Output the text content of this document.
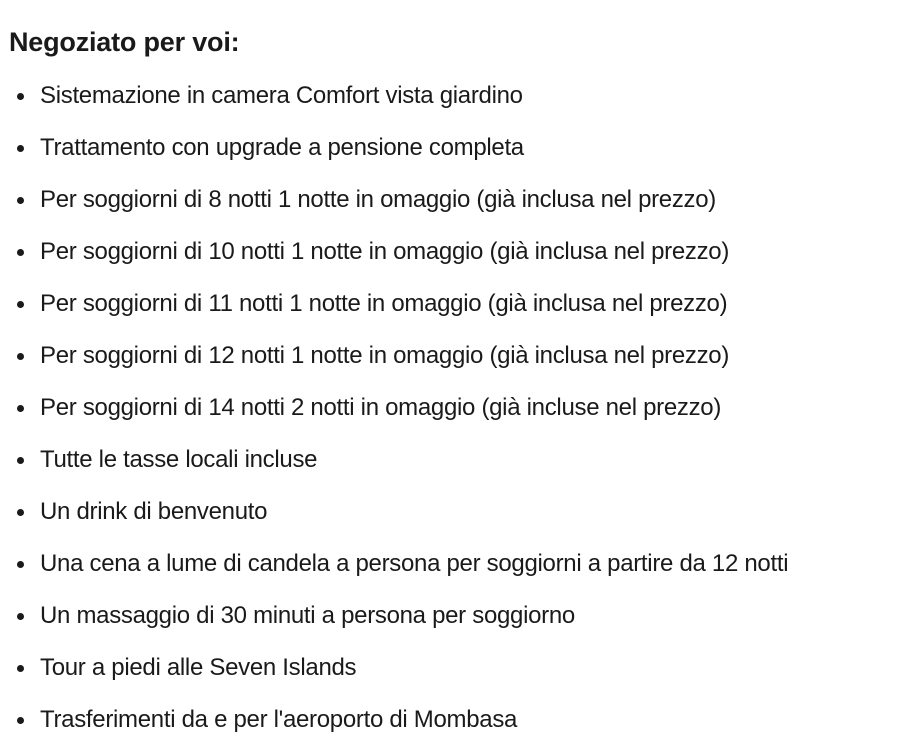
Negoziato per voi:
Sistemazione in camera Comfort vista giardino
Trattamento con upgrade a pensione completa
Per soggiorni di 8 notti 1 notte in omaggio (già inclusa nel prezzo)
Per soggiorni di 10 notti 1 notte in omaggio (già inclusa nel prezzo)
Per soggiorni di 11 notti 1 notte in omaggio (già inclusa nel prezzo)
Per soggiorni di 12 notti 1 notte in omaggio (già inclusa nel prezzo)
Per soggiorni di 14 notti 2 notti in omaggio (già incluse nel prezzo)
Tutte le tasse locali incluse
Un drink di benvenuto
Una cena a lume di candela a persona per soggiorni a partire da 12 notti
Un massaggio di 30 minuti a persona per soggiorno
Tour a piedi alle Seven Islands
Trasferimenti da e per l'aeroporto di Mombasa
